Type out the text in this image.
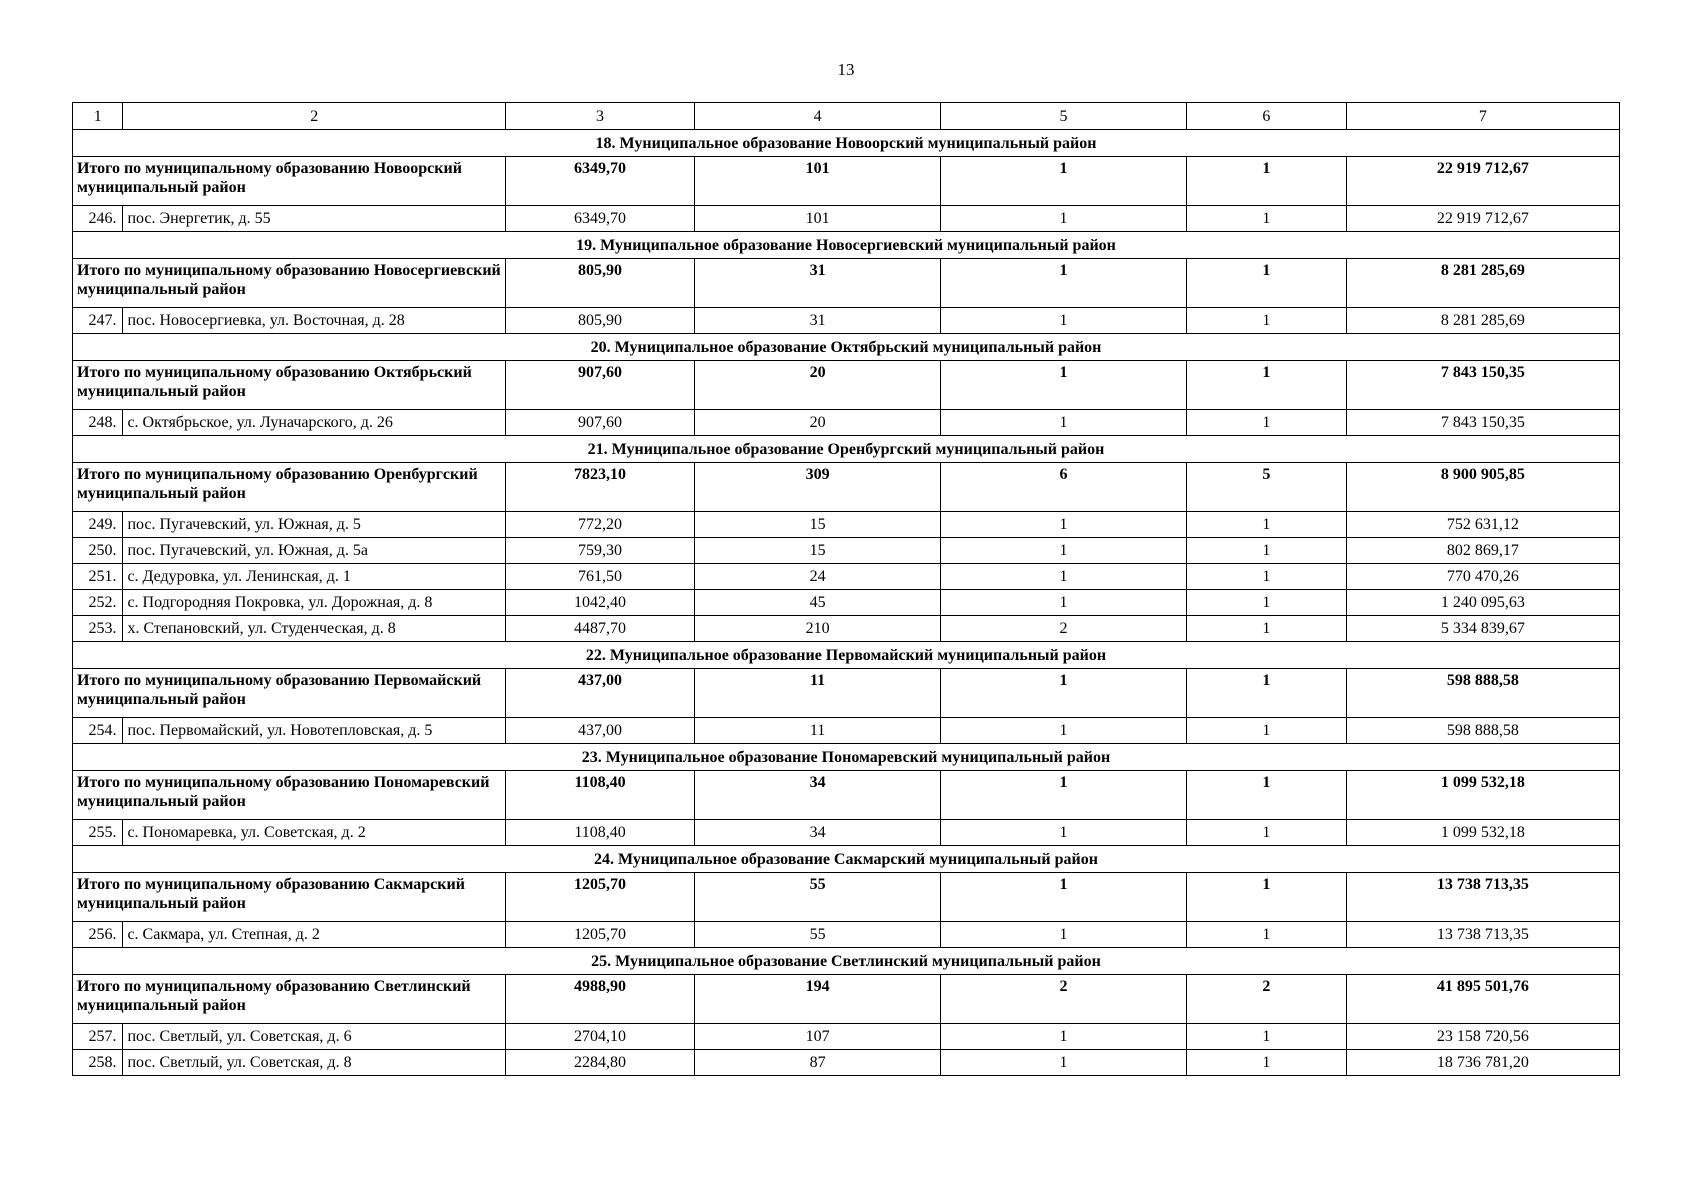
13
1	2	3	4	5	6	7
18. Муниципальное образование Новоорский муниципальный район						
Итого по муниципальному образованию Новоорский муниципальный район		6349,70	101	1	1	22 919 712,67
246.	пос. Энергетик, д. 55	6349,70	101	1	1	22 919 712,67
19. Муниципальное образование Новосергиевский муниципальный район						
Итого по муниципальному образованию Новосергиевский муниципальный район		805,90	31	1	1	8 281 285,69
247.	пос. Новосергиевка, ул. Восточная, д. 28	805,90	31	1	1	8 281 285,69
20. Муниципальное образование Октябрьский муниципальный район						
Итого по муниципальному образованию Октябрьский муниципальный район		907,60	20	1	1	7 843 150,35
248.	с. Октябрьское, ул. Луначарского, д. 26	907,60	20	1	1	7 843 150,35
21. Муниципальное образование Оренбургский муниципальный район						
Итого по муниципальному образованию Оренбургский муниципальный район		7823,10	309	6	5	8 900 905,85
249.	пос. Пугачевский, ул. Южная, д. 5	772,20	15	1	1	752 631,12
250.	пос. Пугачевский, ул. Южная, д. 5а	759,30	15	1	1	802 869,17
251.	с. Дедуровка, ул. Ленинская, д. 1	761,50	24	1	1	770 470,26
252.	с. Подгородняя Покровка, ул. Дорожная, д. 8	1042,40	45	1	1	1 240 095,63
253.	х. Степановский, ул. Студенческая, д. 8	4487,70	210	2	1	5 334 839,67
22. Муниципальное образование Первомайский муниципальный район						
Итого по муниципальному образованию Первомайский муниципальный район		437,00	11	1	1	598 888,58
254.	пос. Первомайский, ул. Новотепловская, д. 5	437,00	11	1	1	598 888,58
23. Муниципальное образование Пономаревский муниципальный район						
Итого по муниципальному образованию Пономаревский муниципальный район		1108,40	34	1	1	1 099 532,18
255.	с. Пономаревка, ул. Советская, д. 2	1108,40	34	1	1	1 099 532,18
24. Муниципальное образование Сакмарский муниципальный район						
Итого по муниципальному образованию Сакмарский муниципальный район		1205,70	55	1	1	13 738 713,35
256.	с. Сакмара, ул. Степная, д. 2	1205,70	55	1	1	13 738 713,35
25. Муниципальное образование Светлинский муниципальный район						
Итого по муниципальному образованию Светлинский муниципальный район		4988,90	194	2	2	41 895 501,76
257.	пос. Светлый, ул. Советская, д. 6	2704,10	107	1	1	23 158 720,56
258.	пос. Светлый, ул. Советская, д. 8	2284,80	87	1	1	18 736 781,20
